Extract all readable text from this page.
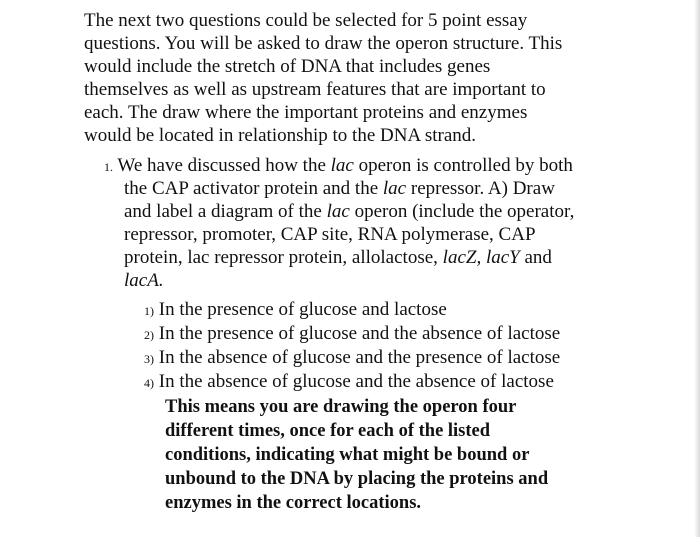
The next two questions could be selected for 5 point essay
questions. You will be asked to draw the operon structure. This
would include the stretch of DNA that includes genes
themselves as well as upstream features that are important to
each. The draw where the important proteins and enzymes
would be located in relationship to the DNA strand.
1. We have discussed how the lac operon is controlled by both
the CAP activator protein and the lac repressor. A) Draw
and label a diagram of the lac operon (include the operator,
repressor, promoter, CAP site, RNA polymerase, CAP
protein, lac repressor protein, allolactose, lacZ, lacY and
lacA.
1) In the presence of glucose and lactose
2) In the presence of glucose and the absence of lactose
3) In the absence of glucose and the presence of lactose
4) In the absence of glucose and the absence of lactose
This means you are drawing the operon four
different times, once for each of the listed
conditions, indicating what might be bound or
unbound to the DNA by placing the proteins and
enzymes in the correct locations.
